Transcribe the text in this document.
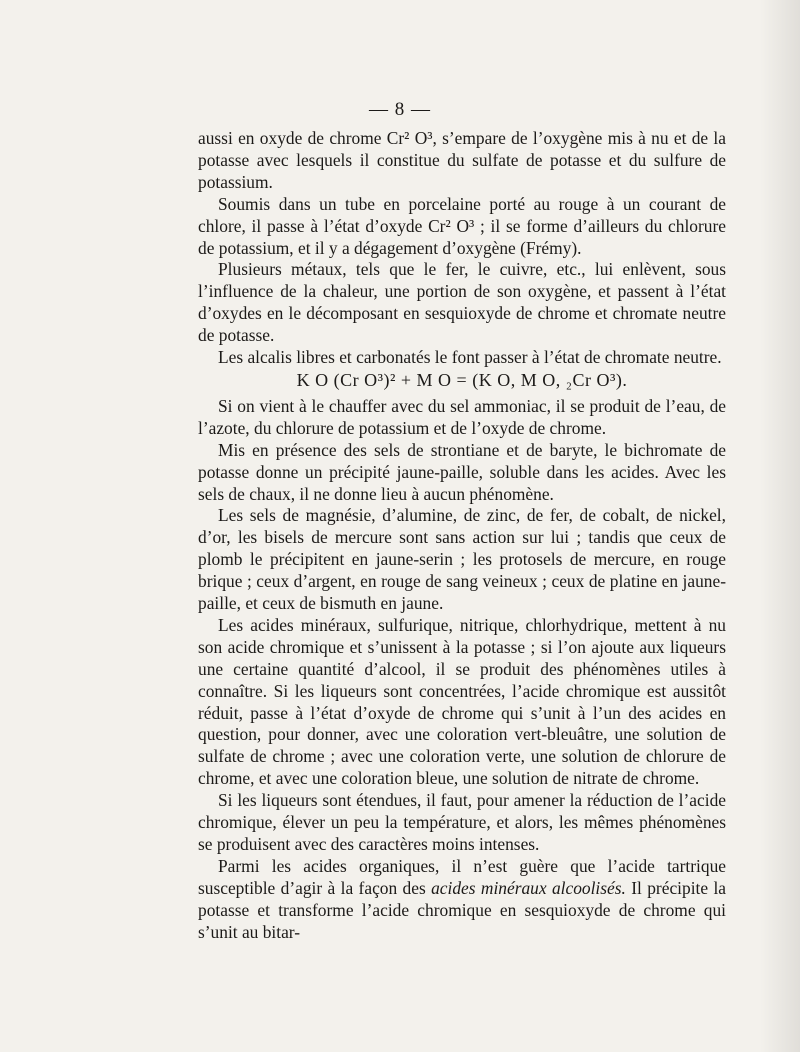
— 8 —

aussi en oxyde de chrome Cr² O³, s’empare de l’oxygène mis à nu et de la potasse avec lesquels il constitue du sulfate de potasse et du sulfure de potassium.

Soumis dans un tube en porcelaine porté au rouge à un courant de chlore, il passe à l’état d’oxyde Cr² O³ ; il se forme d’ailleurs du chlorure de potassium, et il y a dégagement d’oxygène (Frémy).

Plusieurs métaux, tels que le fer, le cuivre, etc., lui enlèvent, sous l’influence de la chaleur, une portion de son oxygène, et passent à l’état d’oxydes en le décomposant en sesquioxyde de chrome et chromate neutre de potasse.

Les alcalis libres et carbonatés le font passer à l’état de chromate neutre.

K O (Cr O³)² + M O = (K O, M O, ₂Cr O³).

Si on vient à le chauffer avec du sel ammoniac, il se produit de l’eau, de l’azote, du chlorure de potassium et de l’oxyde de chrome.

Mis en présence des sels de strontiane et de baryte, le bichromate de potasse donne un précipité jaune-paille, soluble dans les acides. Avec les sels de chaux, il ne donne lieu à aucun phénomène.

Les sels de magnésie, d’alumine, de zinc, de fer, de cobalt, de nickel, d’or, les bisels de mercure sont sans action sur lui ; tandis que ceux de plomb le précipitent en jaune-serin ; les protosels de mercure, en rouge brique ; ceux d’argent, en rouge de sang veineux ; ceux de platine en jaune-paille, et ceux de bismuth en jaune.

Les acides minéraux, sulfurique, nitrique, chlorhydrique, mettent à nu son acide chromique et s’unissent à la potasse ; si l’on ajoute aux liqueurs une certaine quantité d’alcool, il se produit des phénomènes utiles à connaître. Si les liqueurs sont concentrées, l’acide chromique est aussitôt réduit, passe à l’état d’oxyde de chrome qui s’unit à l’un des acides en question, pour donner, avec une coloration vert-bleuâtre, une solution de sulfate de chrome ; avec une coloration verte, une solution de chlorure de chrome, et avec une coloration bleue, une solution de nitrate de chrome.

Si les liqueurs sont étendues, il faut, pour amener la réduction de l’acide chromique, élever un peu la température, et alors, les mêmes phénomènes se produisent avec des caractères moins intenses.

Parmi les acides organiques, il n’est guère que l’acide tartrique susceptible d’agir à la façon des acides minéraux alcoolisés. Il précipite la potasse et transforme l’acide chromique en sesquioxyde de chrome qui s’unit au bitar-
